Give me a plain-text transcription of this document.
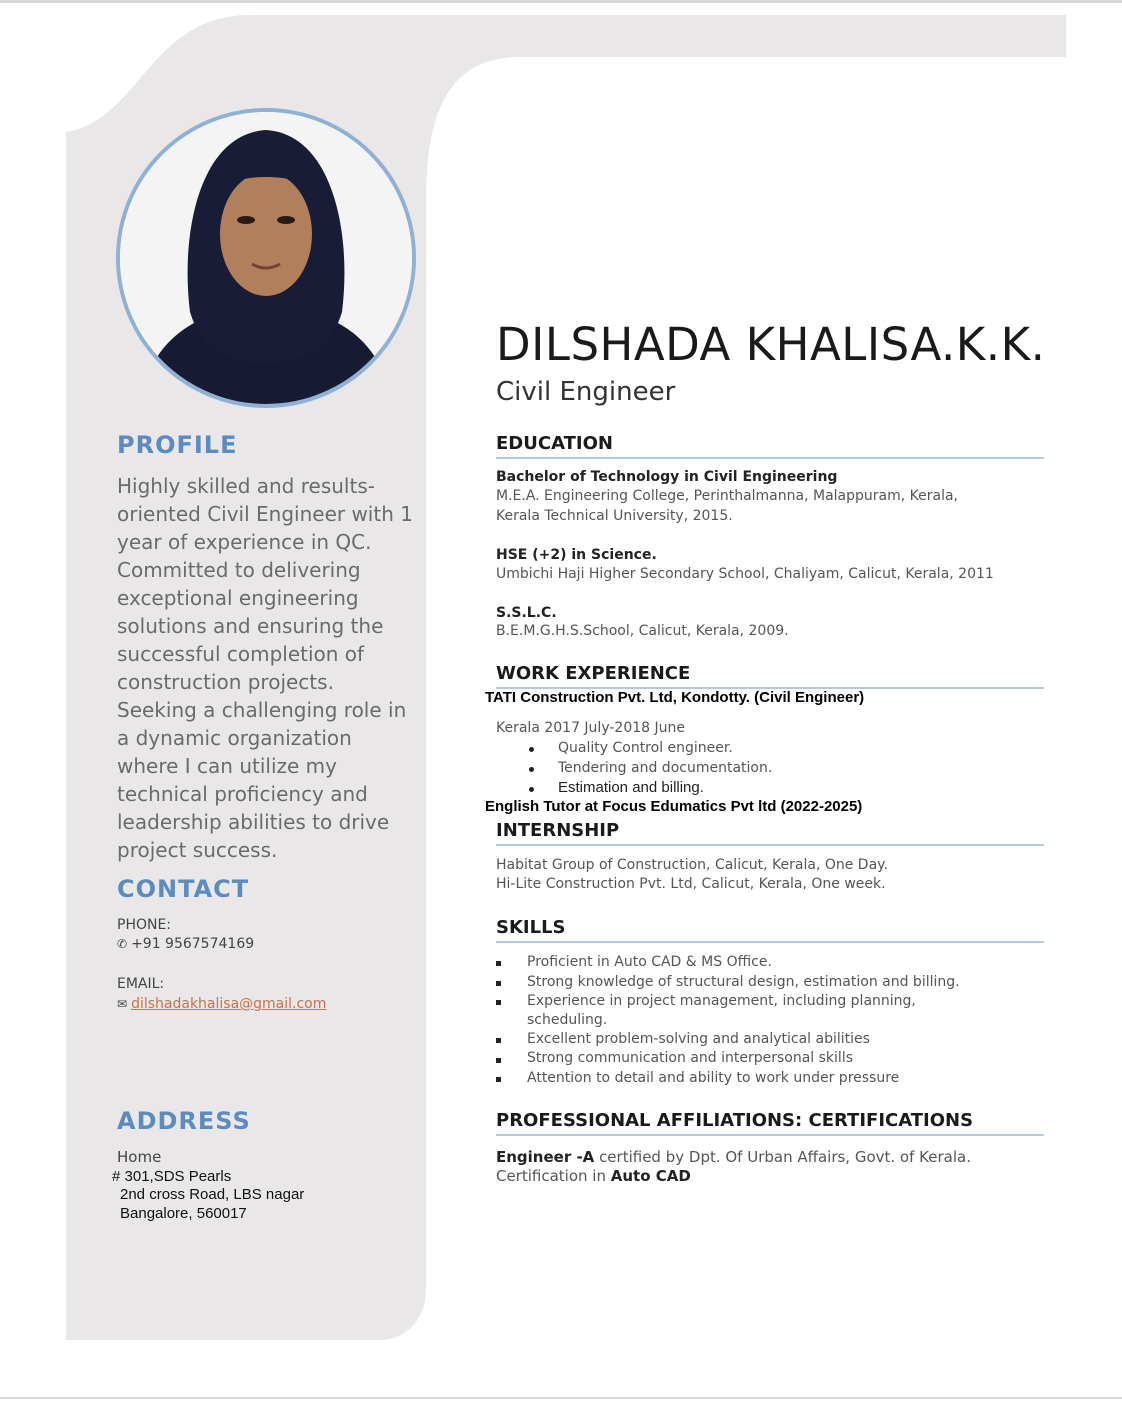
PROFILE

Highly skilled and results-oriented Civil Engineer with 1 year of experience in QC. Committed to delivering exceptional engineering solutions and ensuring the successful completion of construction projects. Seeking a challenging role in a dynamic organization where I can utilize my technical proficiency and leadership abilities to drive project success.

CONTACT

PHONE:

✆ +91 9567574169

EMAIL:

✉ dilshadakhalisa@gmail.com
ADDRESS

Home

# 301,SDS Pearls

2nd cross Road, LBS nagar

Bangalore, 560017

DILSHADA KHALISA.K.K.

Civil Engineer

EDUCATION

Bachelor of Technology in Civil Engineering

M.E.A. Engineering College, Perinthalmanna, Malappuram, Kerala,

Kerala Technical University, 2015.

HSE (+2) in Science.

Umbichi Haji Higher Secondary School, Chaliyam, Calicut, Kerala, 2011

S.S.L.C.

B.E.M.G.H.S.School, Calicut, Kerala, 2009.

WORK EXPERIENCE

TATI Construction Pvt. Ltd, Kondotty. (Civil Engineer)

Kerala 2017 July-2018 June

Quality Control engineer.

Tendering and documentation.

Estimation and billing.

English Tutor at Focus Edumatics Pvt ltd (2022-2025)

INTERNSHIP

Habitat Group of Construction, Calicut, Kerala, One Day.

Hi-Lite Construction Pvt. Ltd, Calicut, Kerala, One week.

SKILLS

Proficient in Auto CAD & MS Office.

Strong knowledge of structural design, estimation and billing.

Experience in project management, including planning,

scheduling.

Excellent problem-solving and analytical abilities

Strong communication and interpersonal skills

Attention to detail and ability to work under pressure

PROFESSIONAL AFFILIATIONS: CERTIFICATIONS

Engineer -A certified by Dpt. Of Urban Affairs, Govt. of Kerala.

Certification in Auto CAD
